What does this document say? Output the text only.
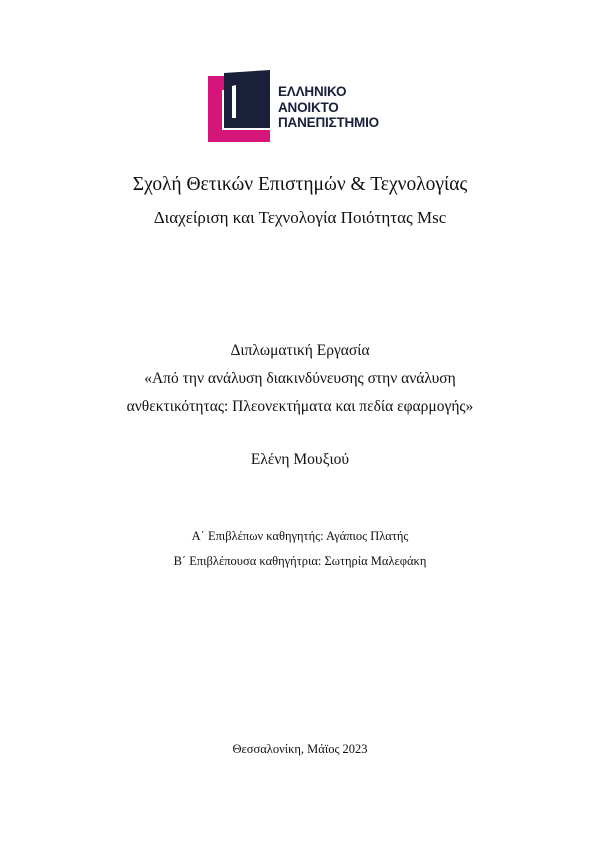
ΕΛΛΗΝΙΚΟ
ΑΝΟΙΚΤΟ
ΠΑΝΕΠΙΣΤΗΜΙΟ
Σχολή Θετικών Επιστημών & Τεχνολογίας
Διαχείριση και Τεχνολογία Ποιότητας Msc
Διπλωματική Εργασία
«Από την ανάλυση διακινδύνευσης στην ανάλυση
ανθεκτικότητας: Πλεονεκτήματα και πεδία εφαρμογής»
Ελένη Μουξιού
Α΄ Επιβλέπων καθηγητής: Αγάπιος Πλατής
Β΄ Επιβλέπουσα καθηγήτρια: Σωτηρία Μαλεφάκη
Θεσσαλονίκη, Μάϊος 2023
